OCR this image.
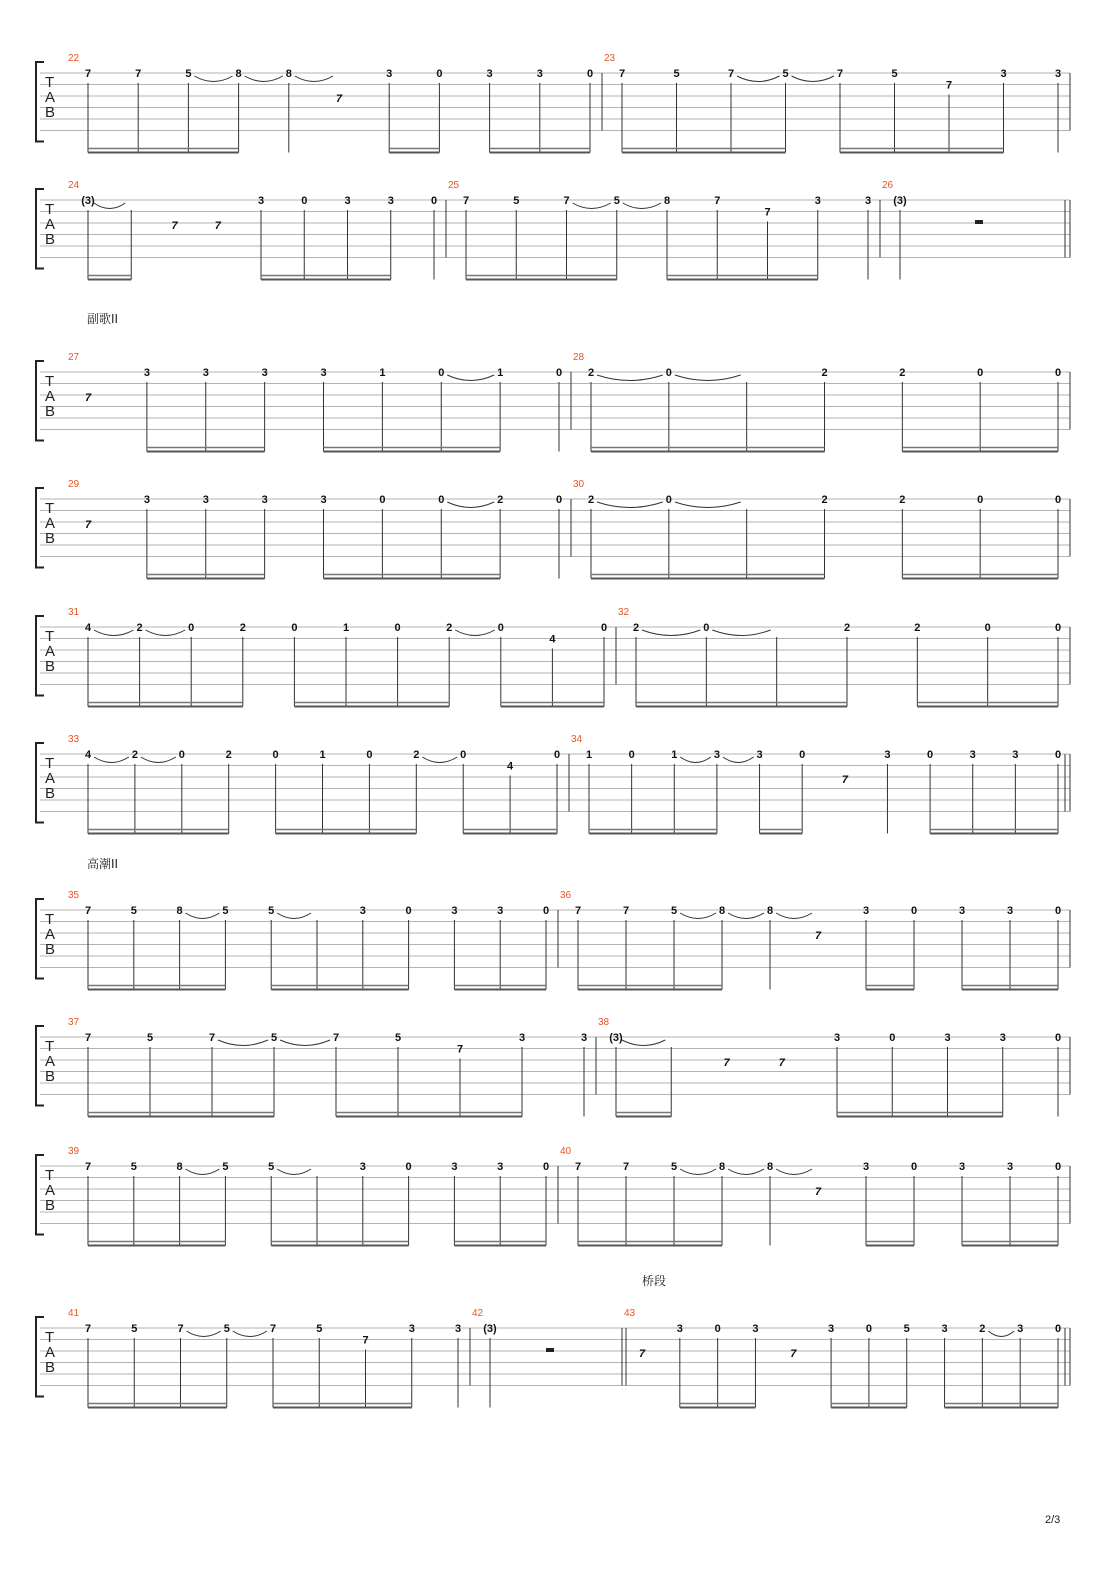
副歌II
高潮II
桥段
2/3
T
A
B
22
7	7	5	8	8
7
3	0	3	3	0
23
7	5	7	5	7	5
7
3	3
T
A
B
24
(3)
7	7
3	0	3	3	0
25
7	5	7	5	8	7
7
3	3
26
(3)
T
A
B
27
7
3	3	3	3	1	0	1	0
28
2	0	2	2	0	0
T
A
B
29
7
3	3	3	3	0	0	2	0
30
2	0	2	2	0	0
T
A
B
31
4	2	0	2	0	1	0	2	0
4
0
32
2	0	2	2	0	0
T
A
B
33
4	2	0	2	0	1	0	2	0
4
0
34
1	0	1	3	3	0
7
3	0	3	3	0
T
A
B
35
7	5	8	5	5	3	0	3	3	0
36
7	7	5	8	8
7
3	0	3	3	0
T
A
B
37
7	5	7	5	7	5
7
3	3
38
(3)
7	7
3	0	3	3	0
T
A
B
39
7	5	8	5	5	3	0	3	3	0
40
7	7	5	8	8
7
3	0	3	3	0
T
A
B
41
7	5	7	5	7	5
7
3	3
42
(3)
43
7
3	0	3
7
3	0	5	3	2	3	0
